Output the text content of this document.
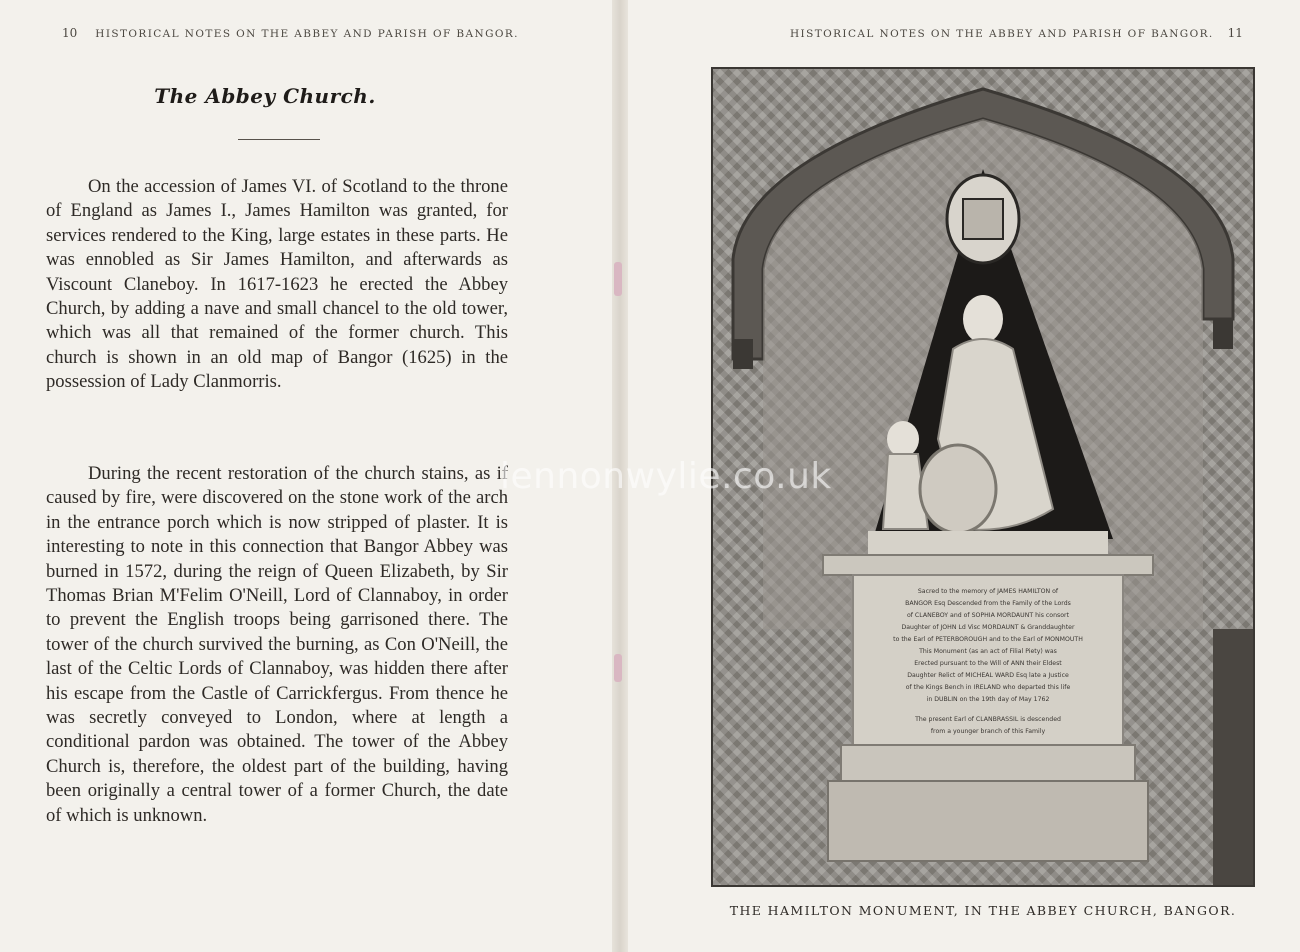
10 HISTORICAL NOTES ON THE ABBEY AND PARISH OF BANGOR.
The Abbey Church.

On the accession of James VI. of Scotland to the throne of England as James I., James Hamilton was granted, for services rendered to the King, large estates in these parts. He was ennobled as Sir James Hamilton, and afterwards as Viscount Claneboy. In 1617-1623 he erected the Abbey Church, by adding a nave and small chancel to the old tower, which was all that remained of the former church. This church is shown in an old map of Bangor (1625) in the possession of Lady Clanmorris.

During the recent restoration of the church stains, as if caused by fire, were discovered on the stone work of the arch in the entrance porch which is now stripped of plaster. It is interesting to note in this connection that Bangor Abbey was burned in 1572, during the reign of Queen Elizabeth, by Sir Thomas Brian M'Felim O'Neill, Lord of Clannaboy, in order to prevent the English troops being garrisoned there. The tower of the church survived the burning, as Con O'Neill, the last of the Celtic Lords of Clannaboy, was hidden there after his escape from the Castle of Carrickfergus. From thence he was secretly conveyed to London, where at length a conditional pardon was obtained. The tower of the Abbey Church is, therefore, the oldest part of the building, having been originally a central tower of a former Church, the date of which is unknown.

HISTORICAL NOTES ON THE ABBEY AND PARISH OF BANGOR. 11
Sacred to the memory of JAMES HAMILTON of
BANGOR Esq Descended from the Family of the Lords
of CLANEBOY and of SOPHIA MORDAUNT his consort
Daughter of JOHN Ld Visc MORDAUNT & Granddaughter
to the Earl of PETERBOROUGH and to the Earl of MONMOUTH
This Monument (as an act of Filial Piety) was
Erected pursuant to the Will of ANN their Eldest
Daughter Relict of MICHEAL WARD Esq late a Justice
of the Kings Bench in IRELAND who departed this life
in DUBLIN on the 19th day of May 1762
The present Earl of CLANBRASSIL is descended
from a younger branch of this Family
THE HAMILTON MONUMENT, IN THE ABBEY CHURCH, BANGOR.
lennonwylie.co.uk
